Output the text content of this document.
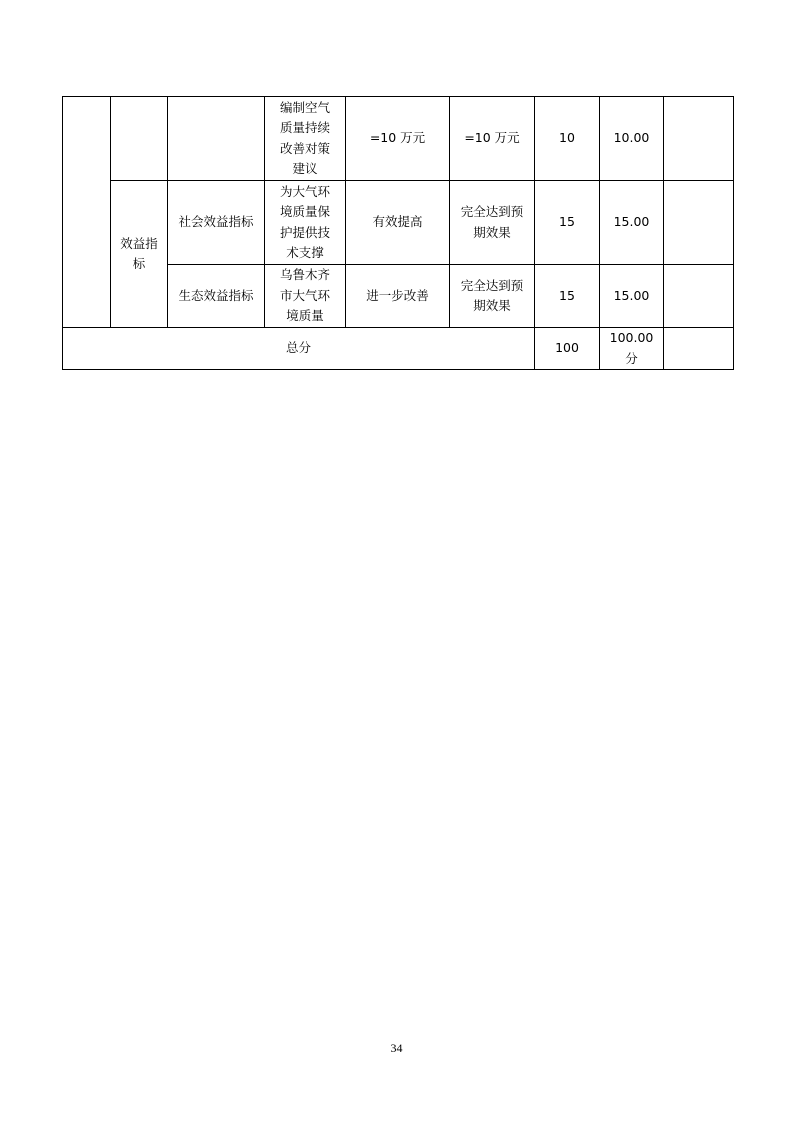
			编制空气
质量持续
改善对策
建议	=10 万元	=10 万元	10	10.00	
	效益指
标	社会效益指标	为大气环
境质量保
护提供技
术支撑	有效提高	完全达到预
期效果	15	15.00	
		生态效益指标	乌鲁木齐
市大气环
境质量	进一步改善	完全达到预
期效果	15	15.00	
总分						100	100.00
分	
34
